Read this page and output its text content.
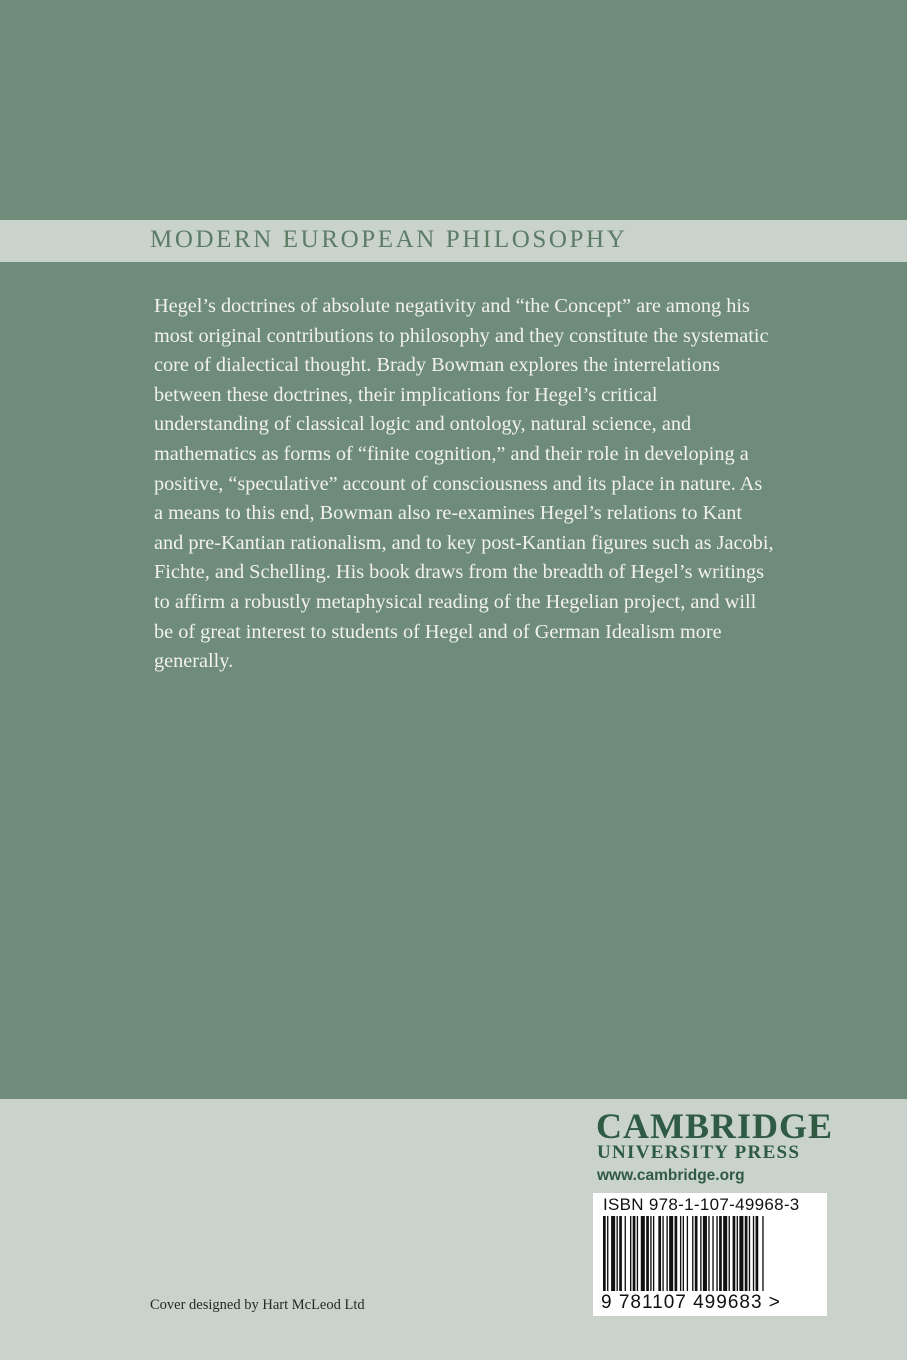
MODERN EUROPEAN PHILOSOPHY

Hegel’s doctrines of absolute negativity and “the Concept” are among his most original contributions to philosophy and they constitute the systematic core of dialectical thought. Brady Bowman explores the interrelations between these doctrines, their implications for Hegel’s critical understanding of classical logic and ontology, natural science, and mathematics as forms of “finite cognition,” and their role in developing a positive, “speculative” account of consciousness and its place in nature. As a means to this end, Bowman also re-examines Hegel’s relations to Kant and pre-Kantian rationalism, and to key post-Kantian figures such as Jacobi, Fichte, and Schelling. His book draws from the breadth of Hegel’s writings to affirm a robustly metaphysical reading of the Hegelian project, and will be of great interest to students of Hegel and of German Idealism more generally.

CAMBRIDGE
UNIVERSITY PRESS
www.cambridge.org
ISBN 978-1-107-49968-3
9 781107 499683 >
Cover designed by Hart McLeod Ltd
